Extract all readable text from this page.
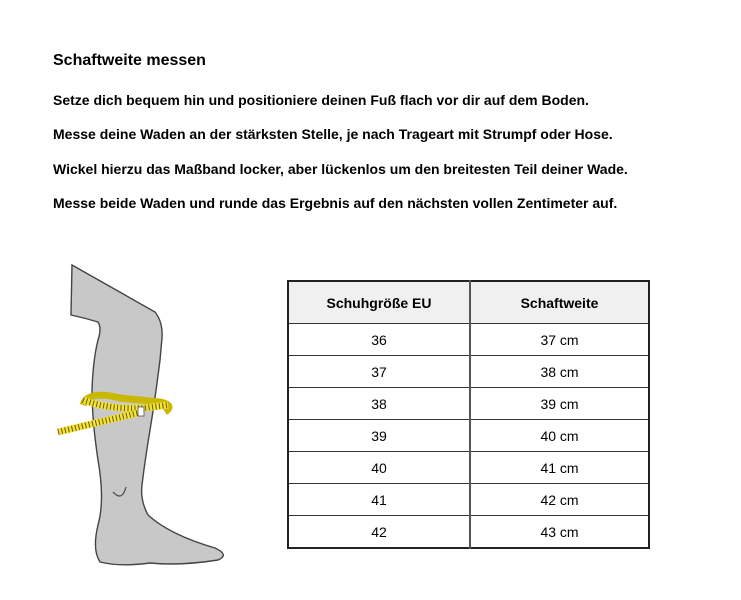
Schaftweite messen

Setze dich bequem hin und positioniere deinen Fuß flach vor dir auf dem Boden.

Messe deine Waden an der stärksten Stelle, je nach Trageart mit Strumpf oder Hose.

Wickel hierzu das Maßband locker, aber lückenlos um den breitesten Teil deiner Wade.

Messe beide Waden und runde das Ergebnis auf den nächsten vollen Zentimeter auf.

Schuhgröße EU	Schaftweite
36	37 cm
37	38 cm
38	39 cm
39	40 cm
40	41 cm
41	42 cm
42	43 cm
